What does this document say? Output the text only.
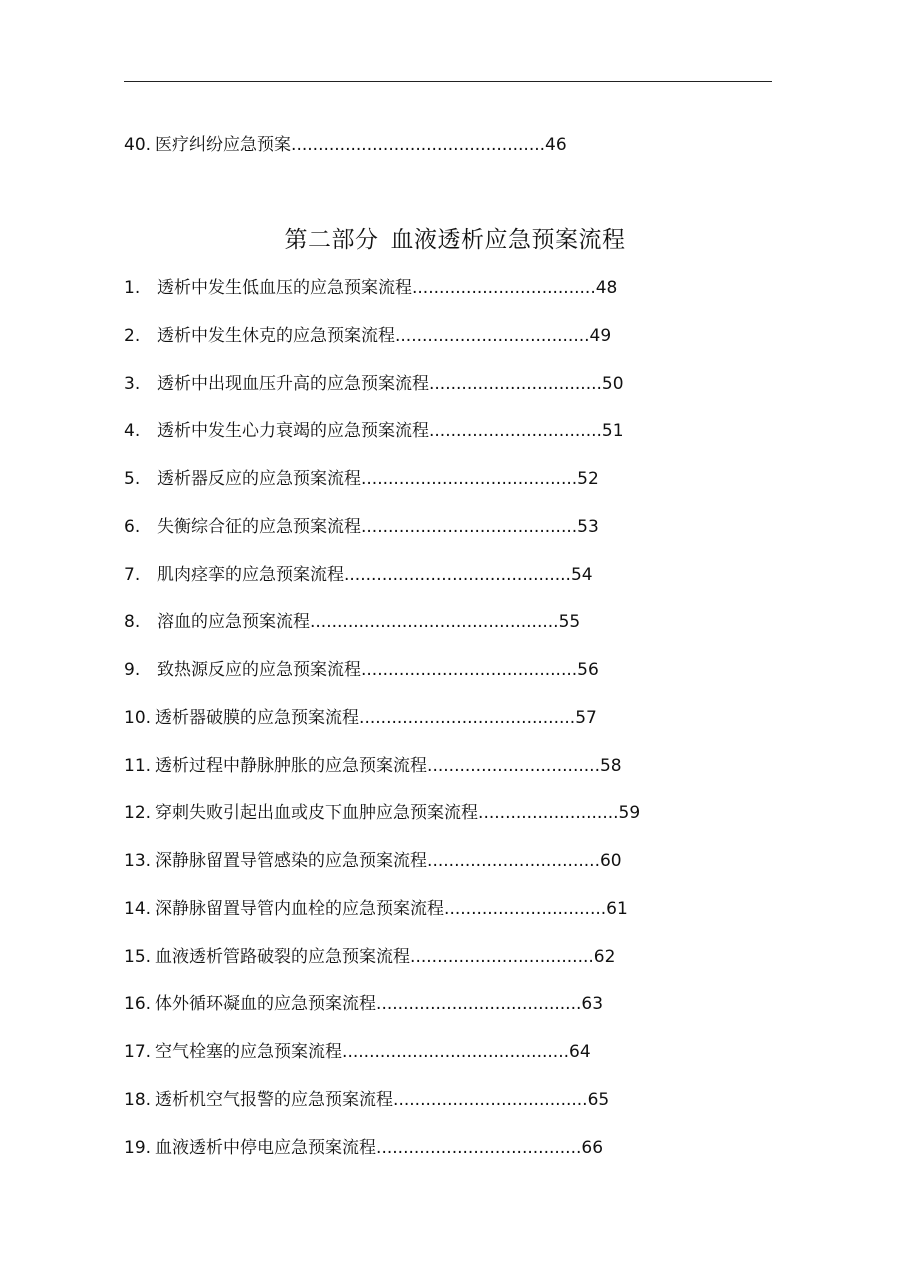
40. 医疗纠纷应急预案...............................................46
第二部分 血液透析应急预案流程
1. 透析中发生低血压的应急预案流程..................................48
2. 透析中发生休克的应急预案流程....................................49
3. 透析中出现血压升高的应急预案流程................................50
4. 透析中发生心力衰竭的应急预案流程................................51
5. 透析器反应的应急预案流程........................................52
6. 失衡综合征的应急预案流程........................................53
7. 肌肉痉挛的应急预案流程..........................................54
8. 溶血的应急预案流程..............................................55
9. 致热源反应的应急预案流程........................................56
10. 透析器破膜的应急预案流程........................................57
11. 透析过程中静脉肿胀的应急预案流程................................58
12. 穿刺失败引起出血或皮下血肿应急预案流程..........................59
13. 深静脉留置导管感染的应急预案流程................................60
14. 深静脉留置导管内血栓的应急预案流程..............................61
15. 血液透析管路破裂的应急预案流程..................................62
16. 体外循环凝血的应急预案流程......................................63
17. 空气栓塞的应急预案流程..........................................64
18. 透析机空气报警的应急预案流程....................................65
19. 血液透析中停电应急预案流程......................................66
